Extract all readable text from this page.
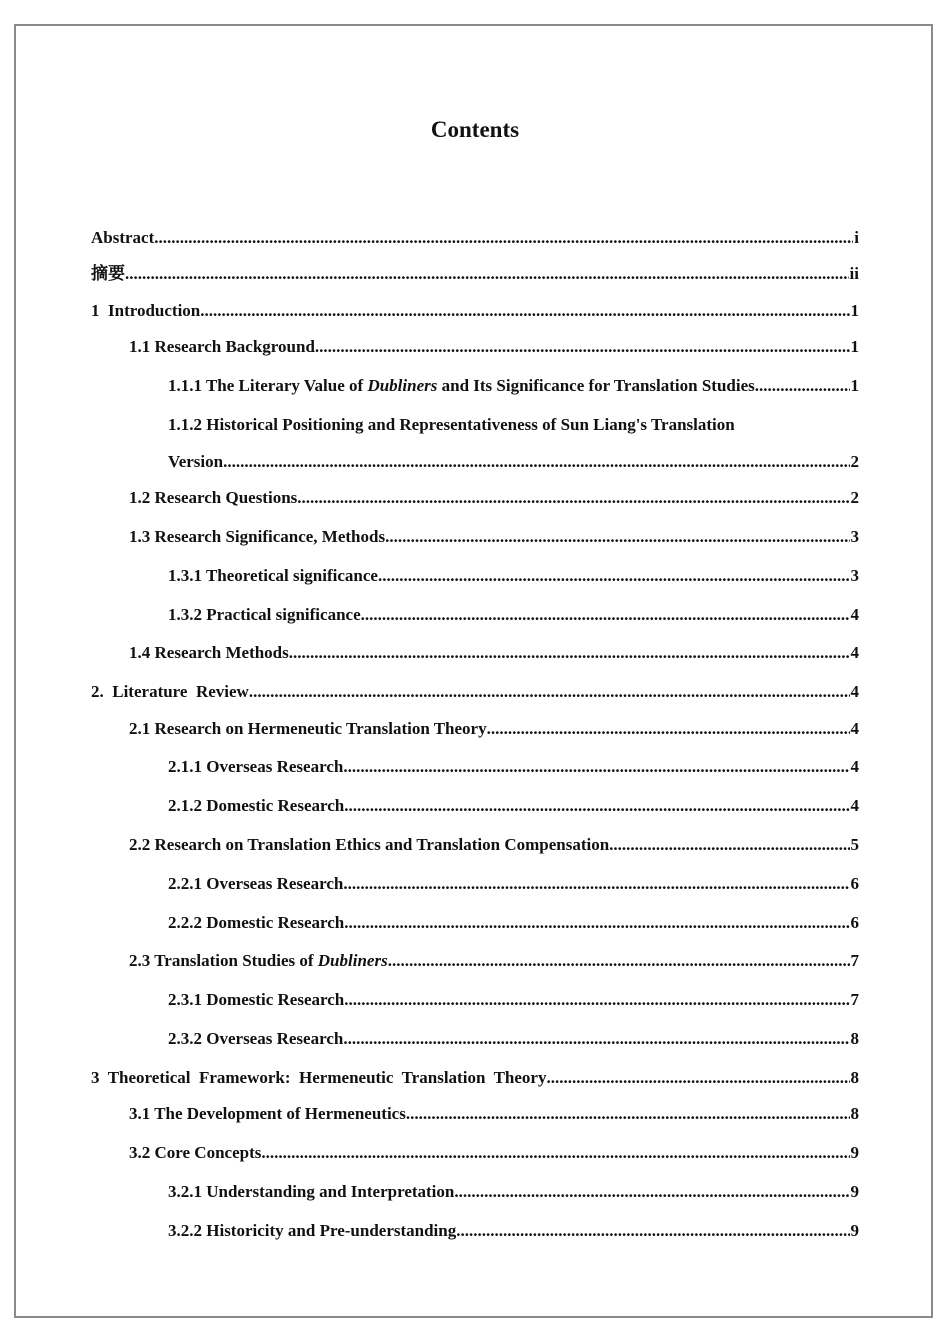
Contents
Abstract .....	i
摘要 .....	ii
1  Introduction .....	1
1.1 Research Background .....	1
1.1.1 The Literary Value of Dubliners and Its Significance for Translation Studies .....	1
1.1.2 Historical Positioning and Representativeness of Sun Liang's Translation
Version .....	2
1.2 Research Questions .....	2
1.3 Research Significance, Methods .....	3
1.3.1 Theoretical significance .....	3
1.3.2 Practical significance .....	4
1.4 Research Methods .....	4
2.  Literature  Review .....	4
2.1 Research on Hermeneutic Translation Theory .....	4
2.1.1 Overseas Research .....	4
2.1.2 Domestic Research .....	4
2.2 Research on Translation Ethics and Translation Compensation .....	5
2.2.1 Overseas Research .....	6
2.2.2 Domestic Research .....	6
2.3 Translation Studies of Dubliners .....	7
2.3.1 Domestic Research .....	7
2.3.2 Overseas Research .....	8
3  Theoretical  Framework:  Hermeneutic  Translation  Theory .....	8
3.1 The Development of Hermeneutics .....	8
3.2 Core Concepts .....	9
3.2.1 Understanding and Interpretation .....	9
3.2.2 Historicity and Pre-understanding .....	9
